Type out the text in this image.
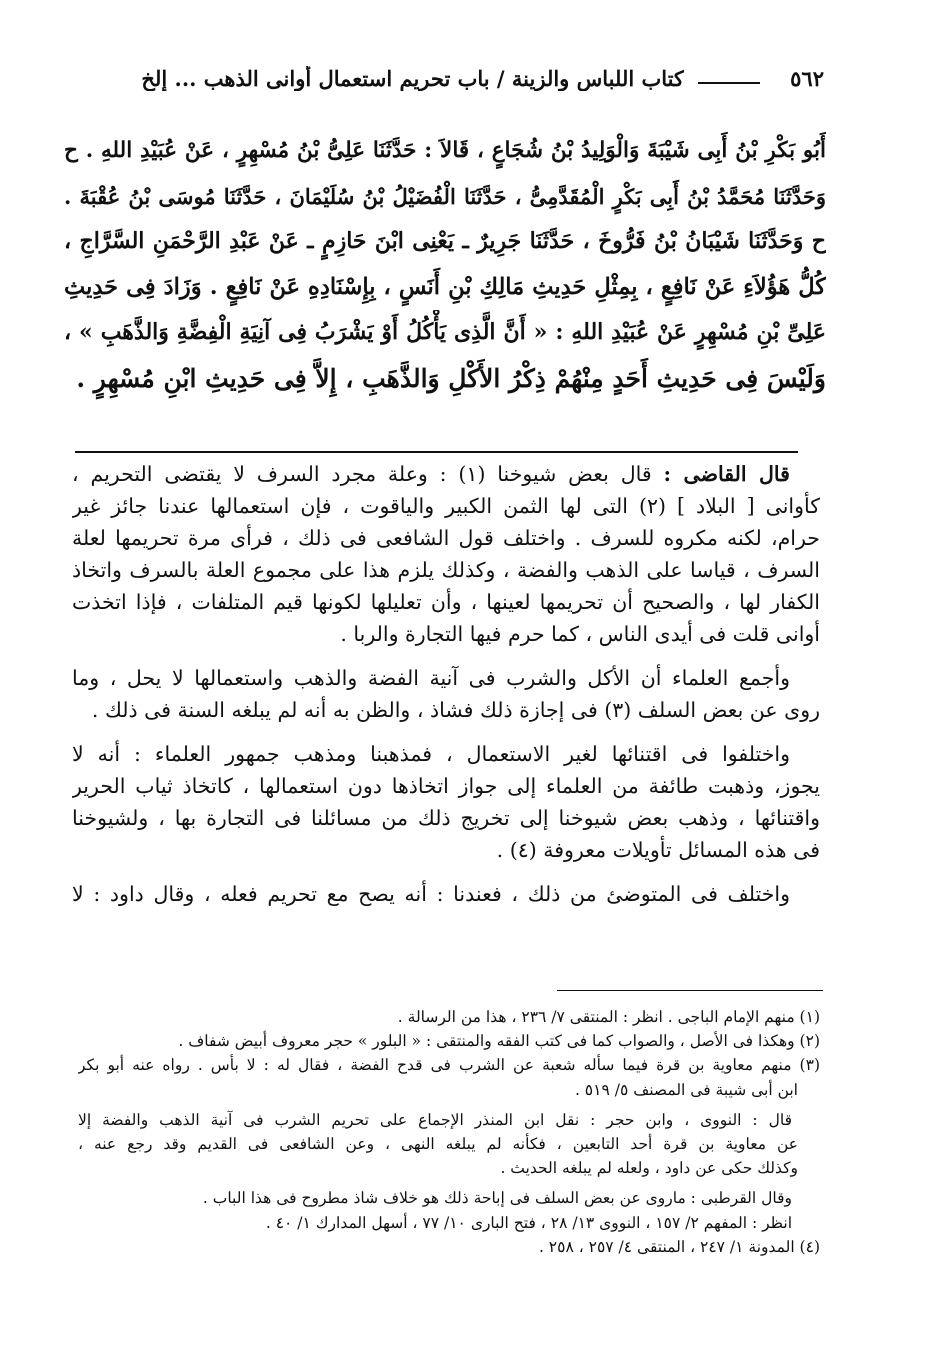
٥٦٢
كتاب اللباس والزينة / باب تحريم استعمال أوانى الذهب ... إلخ
أَبُو بَكْرِ بْنُ أَبِى شَيْبَةَ وَالْوَلِيدُ بْنُ شُجَاعٍ ، قَالاَ : حَدَّثَنَا عَلِىُّ بْنُ مُسْهِرٍ ، عَنْ عُبَيْدِ اللهِ . ح
وَحَدَّثَنَا مُحَمَّدُ بْنُ أَبِى بَكْرٍ الْمُقَدَّمِىُّ ، حَدَّثَنَا الْفُضَيْلُ بْنُ سُلَيْمَانَ ، حَدَّثَنَا مُوسَى بْنُ عُقْبَةَ .
ح وَحَدَّثَنَا شَيْبَانُ بْنُ فَرُّوخَ ، حَدَّثَنَا جَرِيرٌ ـ يَعْنِى ابْنَ حَازِمٍ ـ عَنْ عَبْدِ الرَّحْمَنِ السَّرَّاجِ ،
كُلُّ هَؤُلاَءِ عَنْ نَافِعٍ ، بِمِثْلِ حَدِيثِ مَالِكِ بْنِ أَنَسٍ ، بِإِسْنَادِهِ عَنْ نَافِعٍ . وَزَادَ فِى حَدِيثِ
عَلِىِّ بْنِ مُسْهِرٍ عَنْ عُبَيْدِ اللهِ : « أَنَّ الَّذِى يَأْكُلُ أَوْ يَشْرَبُ فِى آنِيَةِ الْفِضَّةِ وَالذَّهَبِ » ،
وَلَيْسَ فِى حَدِيثِ أَحَدٍ مِنْهُمْ ذِكْرُ الأَكْلِ وَالذَّهَبِ ، إِلاَّ فِى حَدِيثِ ابْنِ مُسْهِرٍ .
قال القاضى : قال بعض شيوخنا (١) : وعلة مجرد السرف لا يقتضى التحريم ،
كأوانى [ البلاد ] (٢) التى لها الثمن الكبير والياقوت ، فإن استعمالها عندنا جائز غير
حرام، لكنه مكروه للسرف . واختلف قول الشافعى فى ذلك ، فرأى مرة تحريمها لعلة
السرف ، قياسا على الذهب والفضة ، وكذلك يلزم هذا على مجموع العلة بالسرف واتخاذ
الكفار لها ، والصحيح أن تحريمها لعينها ، وأن تعليلها لكونها قيم المتلفات ، فإذا اتخذت
أوانى قلت فى أيدى الناس ، كما حرم فيها التجارة والربا .
وأجمع العلماء أن الأكل والشرب فى آنية الفضة والذهب واستعمالها لا يحل ، وما
روى عن بعض السلف (٣) فى إجازة ذلك فشاذ ، والظن به أنه لم يبلغه السنة فى ذلك .
واختلفوا فى اقتنائها لغير الاستعمال ، فمذهبنا ومذهب جمهور العلماء : أنه لا
يجوز، وذهبت طائفة من العلماء إلى جواز اتخاذها دون استعمالها ، كاتخاذ ثياب الحرير
واقتنائها ، وذهب بعض شيوخنا إلى تخريج ذلك من مسائلنا فى التجارة بها ، ولشيوخنا
فى هذه المسائل تأويلات معروفة (٤) .
واختلف فى المتوضئ من ذلك ، فعندنا : أنه يصح مع تحريم فعله ، وقال داود : لا
(١) منهم الإمام الباجى . انظر : المنتقى ٧/ ٢٣٦ ، هذا من الرسالة .
(٢) وهكذا فى الأصل ، والصواب كما فى كتب الفقه والمنتقى : « البلور » حجر معروف أبيض شفاف .
(٣) منهم معاوية بن قرة فيما سأله شعبة عن الشرب فى قدح الفضة ، فقال له : لا بأس . رواه عنه أبو بكر
ابن أبى شيبة فى المصنف ٥/ ٥١٩ .
قال : النووى ، وابن حجر : نقل ابن المنذر الإجماع على تحريم الشرب فى آنية الذهب والفضة إلا
عن معاوية بن قرة أحد التابعين ، فكأنه لم يبلغه النهى ، وعن الشافعى فى القديم وقد رجع عنه ،
وكذلك حكى عن داود ، ولعله لم يبلغه الحديث .
وقال القرطبى : ماروى عن بعض السلف فى إباحة ذلك هو خلاف شاذ مطروح فى هذا الباب .
انظر : المفهم ٢/ ١٥٧ ، النووى ١٣/ ٢٨ ، فتح البارى ١٠/ ٧٧ ، أسهل المدارك ١/ ٤٠ .
(٤) المدونة ١/ ٢٤٧ ، المنتقى ٤/ ٢٥٧ ، ٢٥٨ .
